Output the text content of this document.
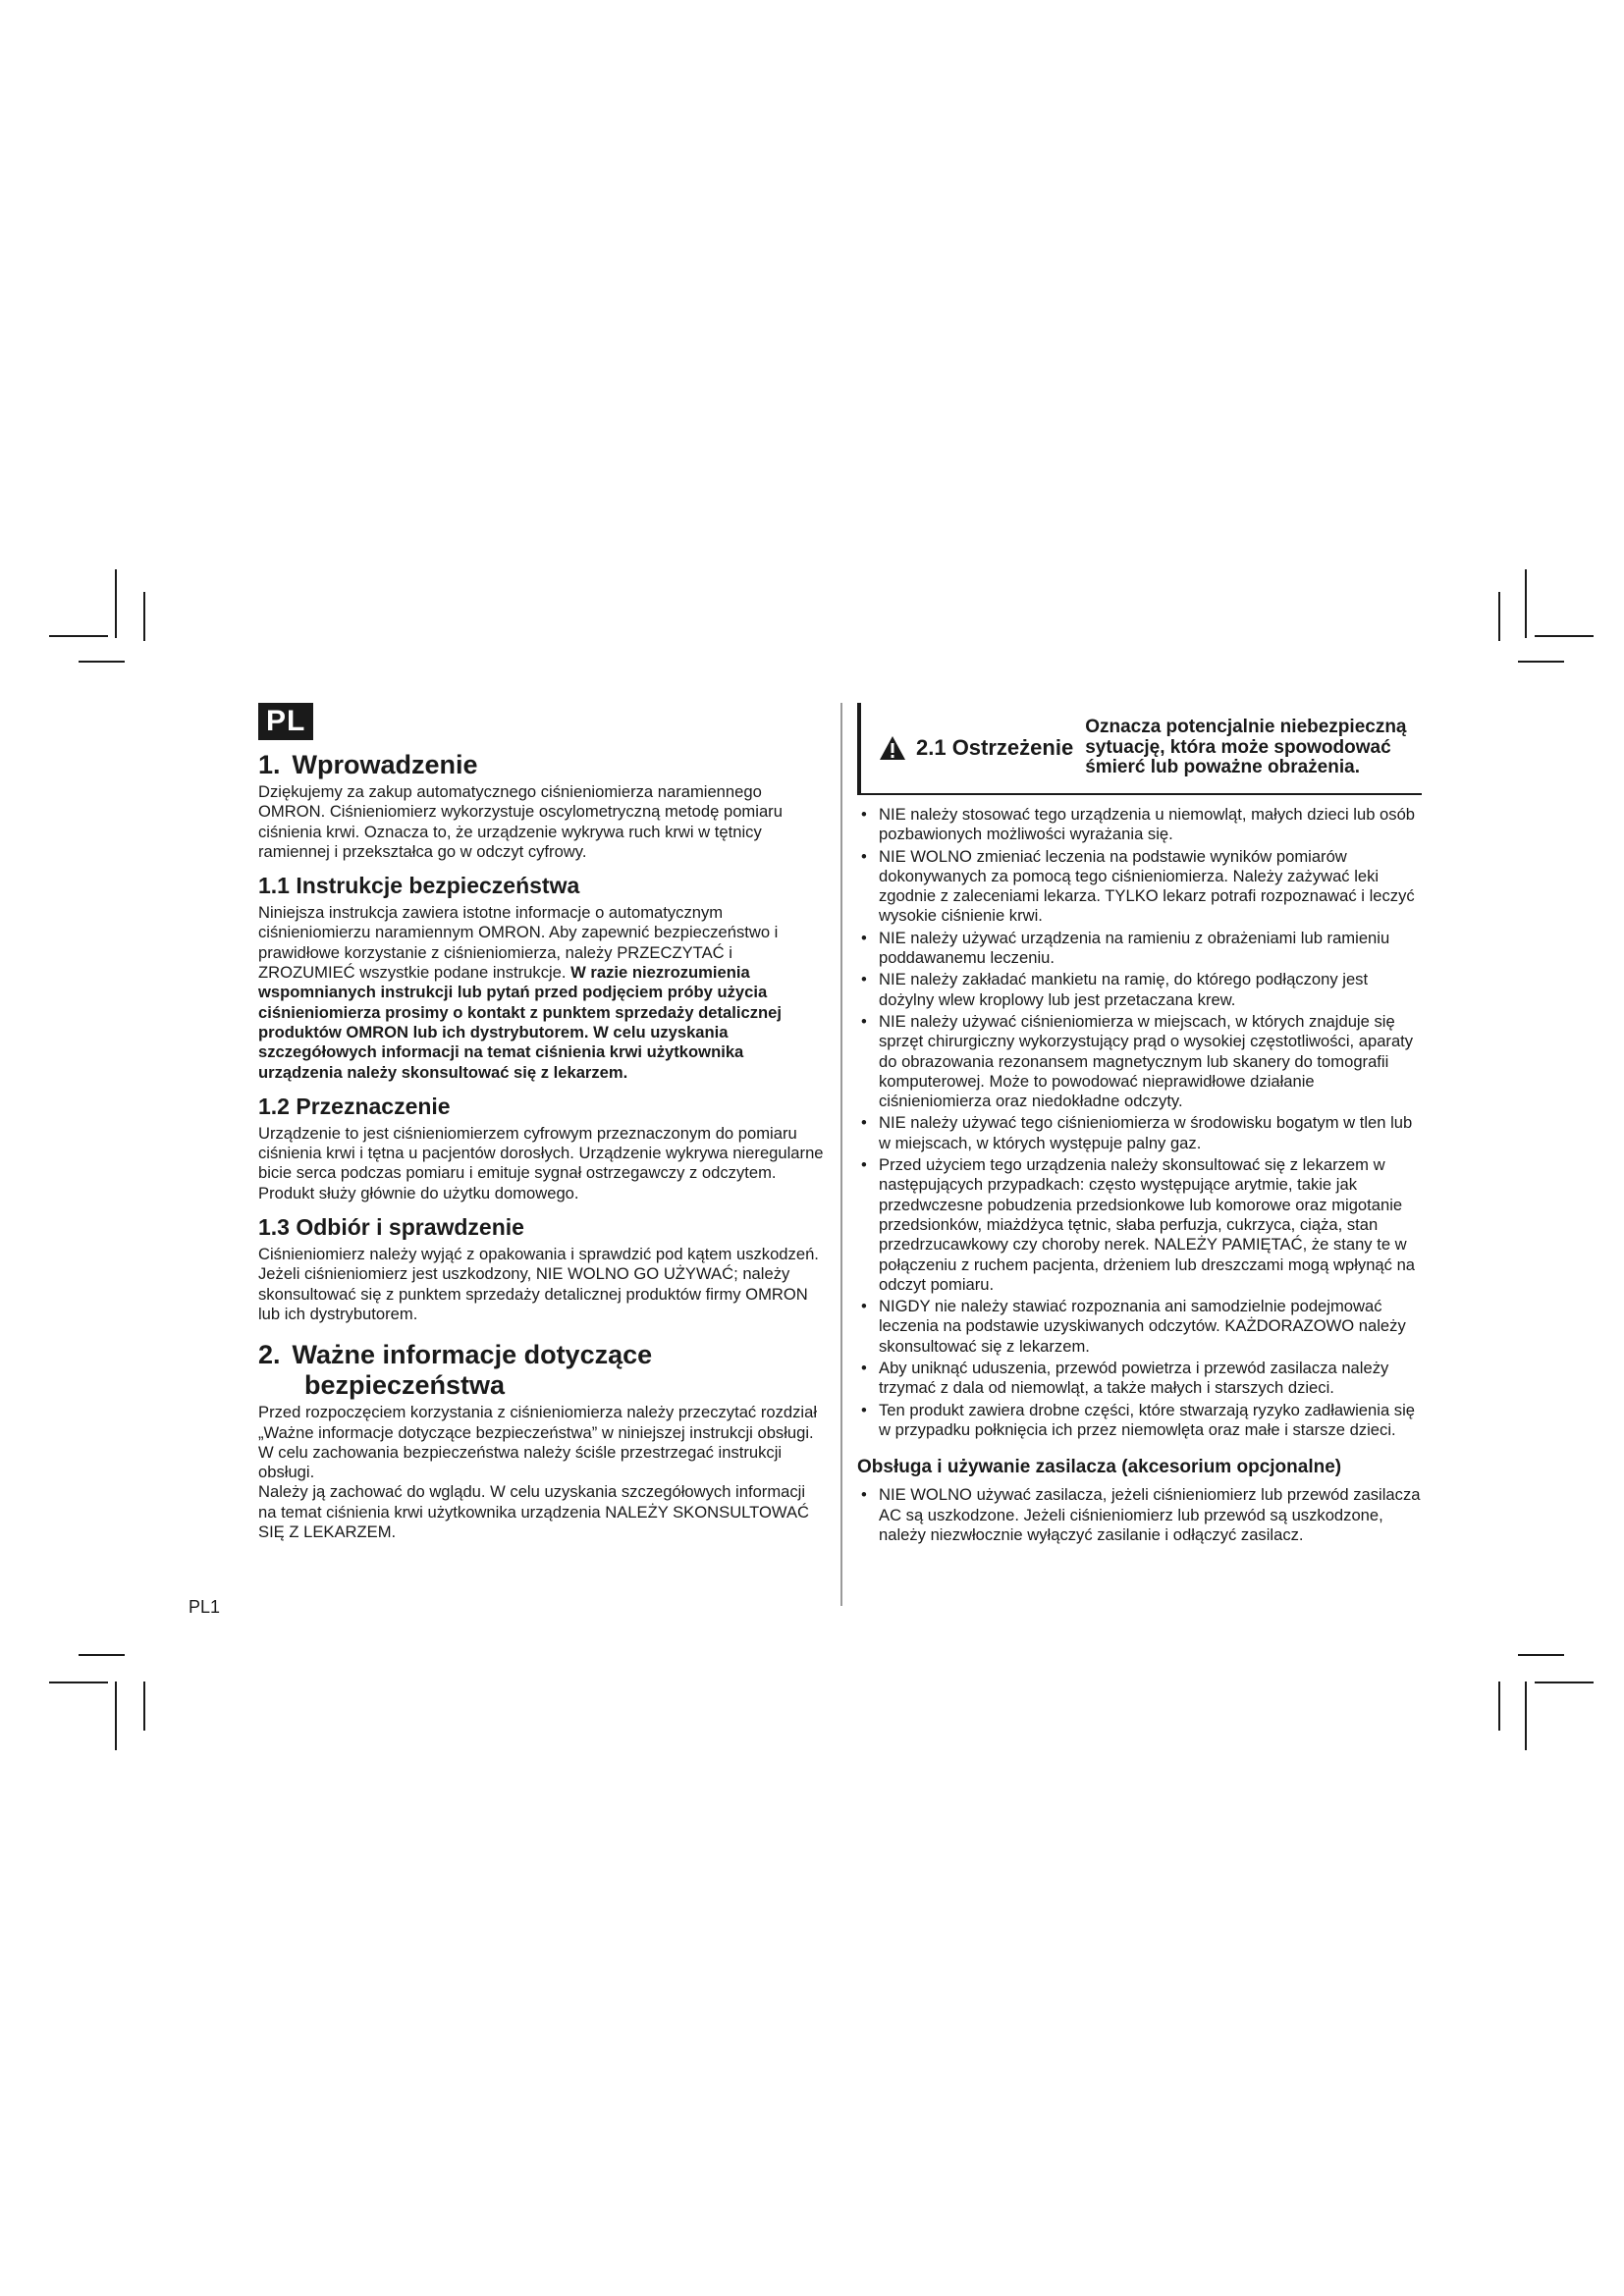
PL
1. Wprowadzenie

Dziękujemy za zakup automatycznego ciśnieniomierza naramiennego OMRON. Ciśnieniomierz wykorzystuje oscylometryczną metodę pomiaru ciśnienia krwi. Oznacza to, że urządzenie wykrywa ruch krwi w tętnicy ramiennej i przekształca go w odczyt cyfrowy.

1.1 Instrukcje bezpieczeństwa

Niniejsza instrukcja zawiera istotne informacje o automatycznym ciśnieniomierzu naramiennym OMRON. Aby zapewnić bezpieczeństwo i prawidłowe korzystanie z ciśnieniomierza, należy PRZECZYTAĆ i ZROZUMIEĆ wszystkie podane instrukcje. W razie niezrozumienia wspomnianych instrukcji lub pytań przed podjęciem próby użycia ciśnieniomierza prosimy o kontakt z punktem sprzedaży detalicznej produktów OMRON lub ich dystrybutorem. W celu uzyskania szczegółowych informacji na temat ciśnienia krwi użytkownika urządzenia należy skonsultować się z lekarzem.

1.2 Przeznaczenie

Urządzenie to jest ciśnieniomierzem cyfrowym przeznaczonym do pomiaru ciśnienia krwi i tętna u pacjentów dorosłych. Urządzenie wykrywa nieregularne bicie serca podczas pomiaru i emituje sygnał ostrzegawczy z odczytem. Produkt służy głównie do użytku domowego.

1.3 Odbiór i sprawdzenie

Ciśnieniomierz należy wyjąć z opakowania i sprawdzić pod kątem uszkodzeń. Jeżeli ciśnieniomierz jest uszkodzony, NIE WOLNO GO UŻYWAĆ; należy skonsultować się z punktem sprzedaży detalicznej produktów firmy OMRON lub ich dystrybutorem.

2. Ważne informacje dotyczące
bezpieczeństwa

Przed rozpoczęciem korzystania z ciśnieniomierza należy przeczytać rozdział „Ważne informacje dotyczące bezpieczeństwa” w niniejszej instrukcji obsługi. W celu zachowania bezpieczeństwa należy ściśle przestrzegać instrukcji obsługi.

Należy ją zachować do wglądu. W celu uzyskania szczegółowych informacji na temat ciśnienia krwi użytkownika urządzenia NALEŻY SKONSULTOWAĆ SIĘ Z LEKARZEM.

PL1
2.1 Ostrzeżenie
Oznacza potencjalnie niebezpieczną sytuację, która może spowodować śmierć lub poważne obrażenia.
• NIE należy stosować tego urządzenia u niemowląt, małych dzieci lub osób pozbawionych możliwości wyrażania się.
• NIE WOLNO zmieniać leczenia na podstawie wyników pomiarów dokonywanych za pomocą tego ciśnieniomierza. Należy zażywać leki zgodnie z zaleceniami lekarza. TYLKO lekarz potrafi rozpoznawać i leczyć wysokie ciśnienie krwi.
• NIE należy używać urządzenia na ramieniu z obrażeniami lub ramieniu poddawanemu leczeniu.
• NIE należy zakładać mankietu na ramię, do którego podłączony jest dożylny wlew kroplowy lub jest przetaczana krew.
• NIE należy używać ciśnieniomierza w miejscach, w których znajduje się sprzęt chirurgiczny wykorzystujący prąd o wysokiej częstotliwości, aparaty do obrazowania rezonansem magnetycznym lub skanery do tomografii komputerowej. Może to powodować nieprawidłowe działanie ciśnieniomierza oraz niedokładne odczyty.
• NIE należy używać tego ciśnieniomierza w środowisku bogatym w tlen lub w miejscach, w których występuje palny gaz.
• Przed użyciem tego urządzenia należy skonsultować się z lekarzem w następujących przypadkach: często występujące arytmie, takie jak przedwczesne pobudzenia przedsionkowe lub komorowe oraz migotanie przedsionków, miażdżyca tętnic, słaba perfuzja, cukrzyca, ciąża, stan przedrzucawkowy czy choroby nerek. NALEŻY PAMIĘTAĆ, że stany te w połączeniu z ruchem pacjenta, drżeniem lub dreszczami mogą wpłynąć na odczyt pomiaru.
• NIGDY nie należy stawiać rozpoznania ani samodzielnie podejmować leczenia na podstawie uzyskiwanych odczytów. KAŻDORAZOWO należy skonsultować się z lekarzem.
• Aby uniknąć uduszenia, przewód powietrza i przewód zasilacza należy trzymać z dala od niemowląt, a także małych i starszych dzieci.
• Ten produkt zawiera drobne części, które stwarzają ryzyko zadławienia się w przypadku połknięcia ich przez niemowlęta oraz małe i starsze dzieci.
Obsługa i używanie zasilacza (akcesorium opcjonalne)
• NIE WOLNO używać zasilacza, jeżeli ciśnieniomierz lub przewód zasilacza AC są uszkodzone. Jeżeli ciśnieniomierz lub przewód są uszkodzone, należy niezwłocznie wyłączyć zasilanie i odłączyć zasilacz.
